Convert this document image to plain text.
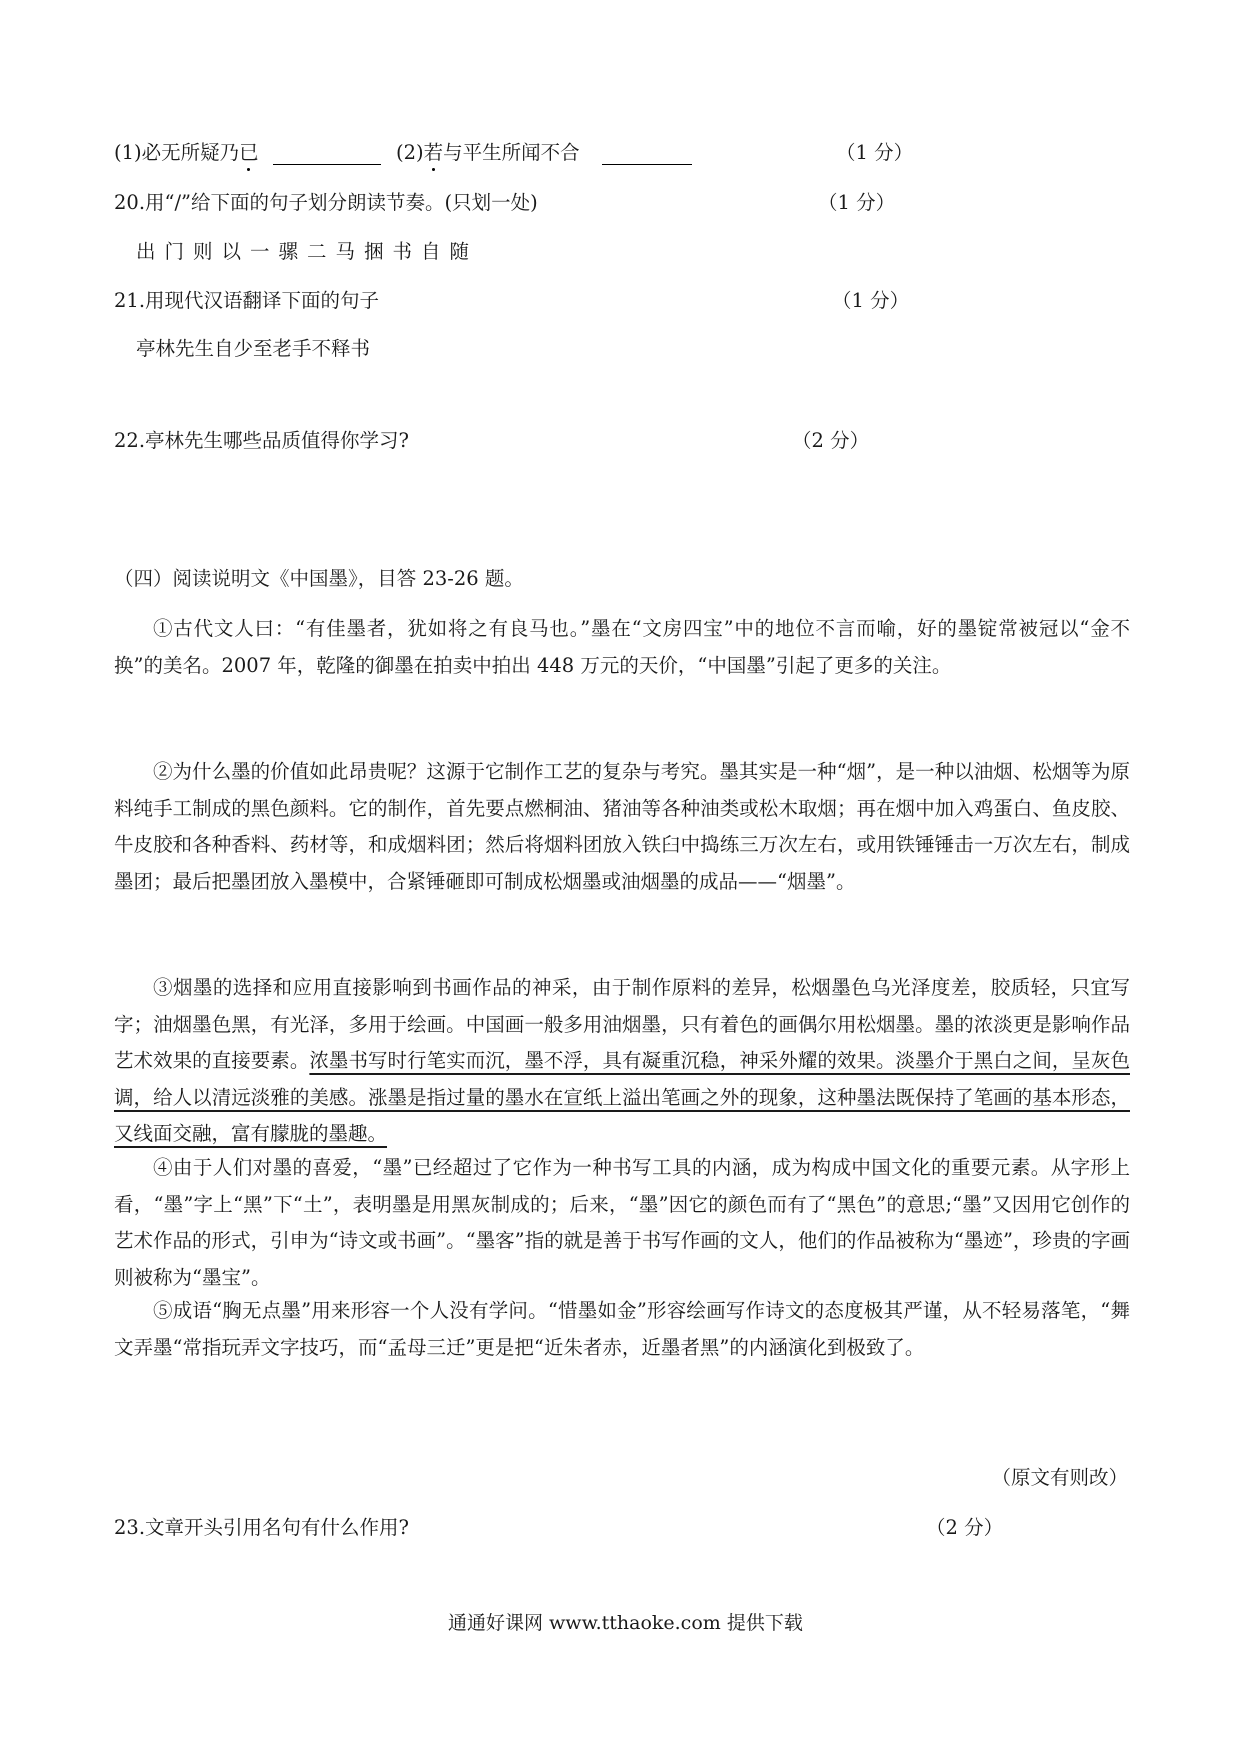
(1)必无所疑乃已	(2)若与平生所闻不合	（1 分）
20.用“/”给下面的句子划分朗读节奏。(只划一处)	（1 分）
出门则以一骡二马捆书自随
21.用现代汉语翻译下面的句子	（1 分）
亭林先生自少至老手不释书
22.亭林先生哪些品质值得你学习?	（2 分）
（四）阅读说明文《中国墨》，目答 23-26 题。
①古代文人曰：“有佳墨者，犹如将之有良马也。”墨在“文房四宝”中的地位不言而喻，好的墨锭常被冠以“金不换”的美名。2007 年，乾隆的御墨在拍卖中拍出 448 万元的天价，“中国墨”引起了更多的关注。
②为什么墨的价值如此昂贵呢？这源于它制作工艺的复杂与考究。墨其实是一种“烟”，是一种以油烟、松烟等为原料纯手工制成的黑色颜料。它的制作，首先要点燃桐油、猪油等各种油类或松木取烟；再在烟中加入鸡蛋白、鱼皮胶、牛皮胶和各种香料、药材等，和成烟料团；然后将烟料团放入铁臼中捣练三万次左右，或用铁锤锤击一万次左右，制成墨团；最后把墨团放入墨模中，合紧锤砸即可制成松烟墨或油烟墨的成品——“烟墨”。
③烟墨的选择和应用直接影响到书画作品的神采，由于制作原料的差异，松烟墨色乌光泽度差，胶质轻，只宜写字；油烟墨色黑，有光泽，多用于绘画。中国画一般多用油烟墨，只有着色的画偶尔用松烟墨。墨的浓淡更是影响作品艺术效果的直接要素。浓墨书写时行笔实而沉，墨不浮，具有凝重沉稳，神采外耀的效果。淡墨介于黑白之间，呈灰色调，给人以清远淡雅的美感。涨墨是指过量的墨水在宣纸上溢出笔画之外的现象，这种墨法既保持了笔画的基本形态，又线面交融，富有朦胧的墨趣。
④由于人们对墨的喜爱，“墨”已经超过了它作为一种书写工具的内涵，成为构成中国文化的重要元素。从字形上看，“墨”字上“黑”下“土”，表明墨是用黑灰制成的；后来，“墨”因它的颜色而有了“黑色”的意思;“墨”又因用它创作的艺术作品的形式，引申为“诗文或书画”。“墨客”指的就是善于书写作画的文人，他们的作品被称为“墨迹”，珍贵的字画则被称为“墨宝”。
⑤成语“胸无点墨”用来形容一个人没有学问。“惜墨如金”形容绘画写作诗文的态度极其严谨，从不轻易落笔，“舞文弄墨“常指玩弄文字技巧，而“孟母三迁”更是把“近朱者赤，近墨者黑”的内涵演化到极致了。
（原文有则改）
23.文章开头引用名句有什么作用?	（2 分）
通通好课网 www.tthaoke.com 提供下载
